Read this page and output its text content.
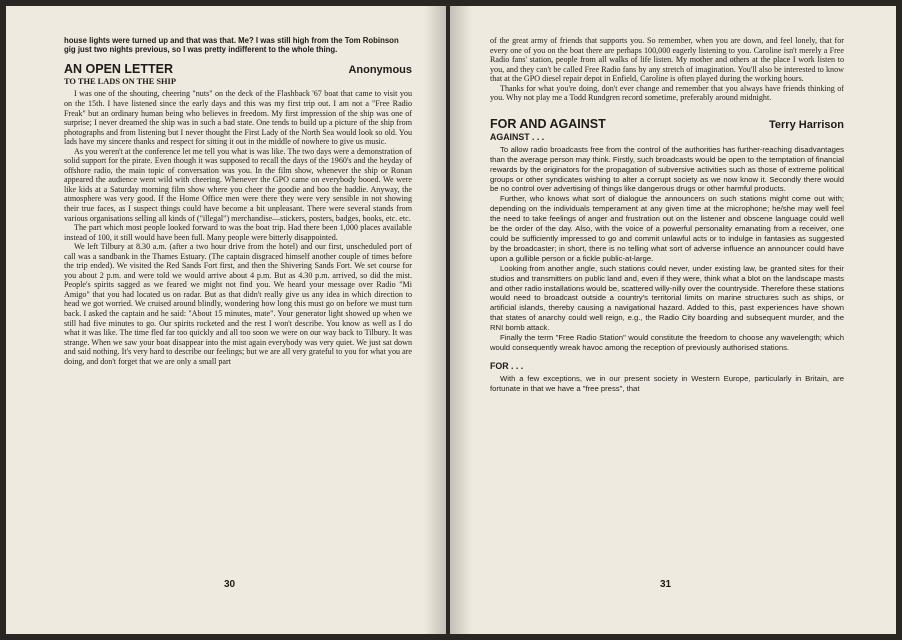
house lights were turned up and that was that. Me? I was still high from the Tom Robinson gig just two nights previous, so I was pretty indifferent to the whole thing.

AN OPEN LETTER	Anonymous
TO THE LADS ON THE SHIP

I was one of the shouting, cheering "nuts" on the deck of the Flashback '67 boat that came to visit you on the 15th. I have listened since the early days and this was my first trip out. I am not a "Free Radio Freak" but an ordinary human being who believes in freedom. My first impression of the ship was one of surprise; I never dreamed the ship was in such a bad state. One tends to build up a picture of the ship from photographs and from listening but I never thought the First Lady of the North Sea would look so old. You lads have my sincere thanks and respect for sitting it out in the middle of nowhere to give us music.

As you weren't at the conference let me tell you what is was like. The two days were a demonstration of solid support for the pirate. Even though it was supposed to recall the days of the 1960's and the heyday of offshore radio, the main topic of conversation was you. In the film show, whenever the ship or Ronan appeared the audience went wild with cheering. Whenever the GPO came on everybody booed. We were like kids at a Saturday morning film show where you cheer the goodie and boo the baddie. Anyway, the atmosphere was very good. If the Home Office men were there they were very sensible in not showing their true faces, as I suspect things could have become a bit unpleasant. There were several stands from various organisations selling all kinds of ("illegal") merchandise—stickers, posters, badges, books, etc. etc.

The part which most people looked forward to was the boat trip. Had there been 1,000 places available instead of 100, it still would have been full. Many people were bitterly disappointed.

We left Tilbury at 8.30 a.m. (after a two hour drive from the hotel) and our first, unscheduled port of call was a sandbank in the Thames Estuary. (The captain disgraced himself another couple of times before the trip ended). We visited the Red Sands Fort first, and then the Shivering Sands Fort. We set course for you about 2 p.m. and were told we would arrive about 4 p.m. But as 4.30 p.m. arrived, so did the mist. People's spirits sagged as we feared we might not find you. We heard your message over Radio "Mi Amigo" that you had located us on radar. But as that didn't really give us any idea in which direction to head we got worried. We cruised around blindly, wondering how long this must go on before we must turn back. I asked the captain and he said: "About 15 minutes, mate". Your generator light showed up when we still had five minutes to go. Our spirits rocketed and the rest I won't describe. You know as well as I do what it was like. The time fled far too quickly and all too soon we were on our way back to Tilbury. It was strange. When we saw your boat disappear into the mist again everybody was very quiet. We just sat down and said nothing. It's very hard to describe our feelings; but we are all very grateful to you for what you are doing, and don't forget that we are only a small part

30

of the great army of friends that supports you. So remember, when you are down, and feel lonely, that for every one of you on the boat there are perhaps 100,000 eagerly listening to you. Caroline isn't merely a Free Radio fans' station, people from all walks of life listen. My mother and others at the place I work listen to you, and they can't be called Free Radio fans by any stretch of imagination. You'll also be interested to know that at the GPO diesel repair depot in Enfield, Caroline is often played during the working hours.

Thanks for what you're doing, don't ever change and remember that you always have friends thinking of you. Why not play me a Todd Rundgren record sometime, preferably around midnight.

FOR AND AGAINST	Terry Harrison
AGAINST . . .

To allow radio broadcasts free from the control of the authorities has further-reaching disadvantages than the average person may think. Firstly, such broadcasts would be open to the temptation of financial rewards by the originators for the propagation of subversive activities such as those of extreme political groups or other syndicates wishing to alter a corrupt society as we now know it. Secondly there would be no control over advertising of things like dangerous drugs or other harmful products.

Further, who knows what sort of dialogue the announcers on such stations might come out with; depending on the individuals temperament at any given time at the microphone; he/she may well feel the need to take feelings of anger and frustration out on the listener and obscene language could well be the order of the day. Also, with the voice of a powerful personality emanating from a receiver, one could be sufficiently impressed to go and commit unlawful acts or to indulge in fantasies as suggested by the broadcaster; in short, there is no telling what sort of adverse influence an announcer could have upon a gullible person or a fickle public-at-large.

Looking from another angle, such stations could never, under existing law, be granted sites for their studios and transmitters on public land and, even if they were, think what a blot on the landscape masts and other radio installations would be, scattered willy-nilly over the countryside. Therefore these stations would need to broadcast outside a country's territorial limits on marine structures such as ships, or artificial islands, thereby causing a navigational hazard. Added to this, past experiences have shown that states of anarchy could well reign, e.g., the Radio City boarding and subsequent murder, and the RNI bomb attack.

Finally the term "Free Radio Station" would constitute the freedom to choose any wavelength; which would consequently wreak havoc among the reception of previously authorised stations.

FOR . . .

With a few exceptions, we in our present society in Western Europe, particularly in Britain, are fortunate in that we have a "free press", that

31
